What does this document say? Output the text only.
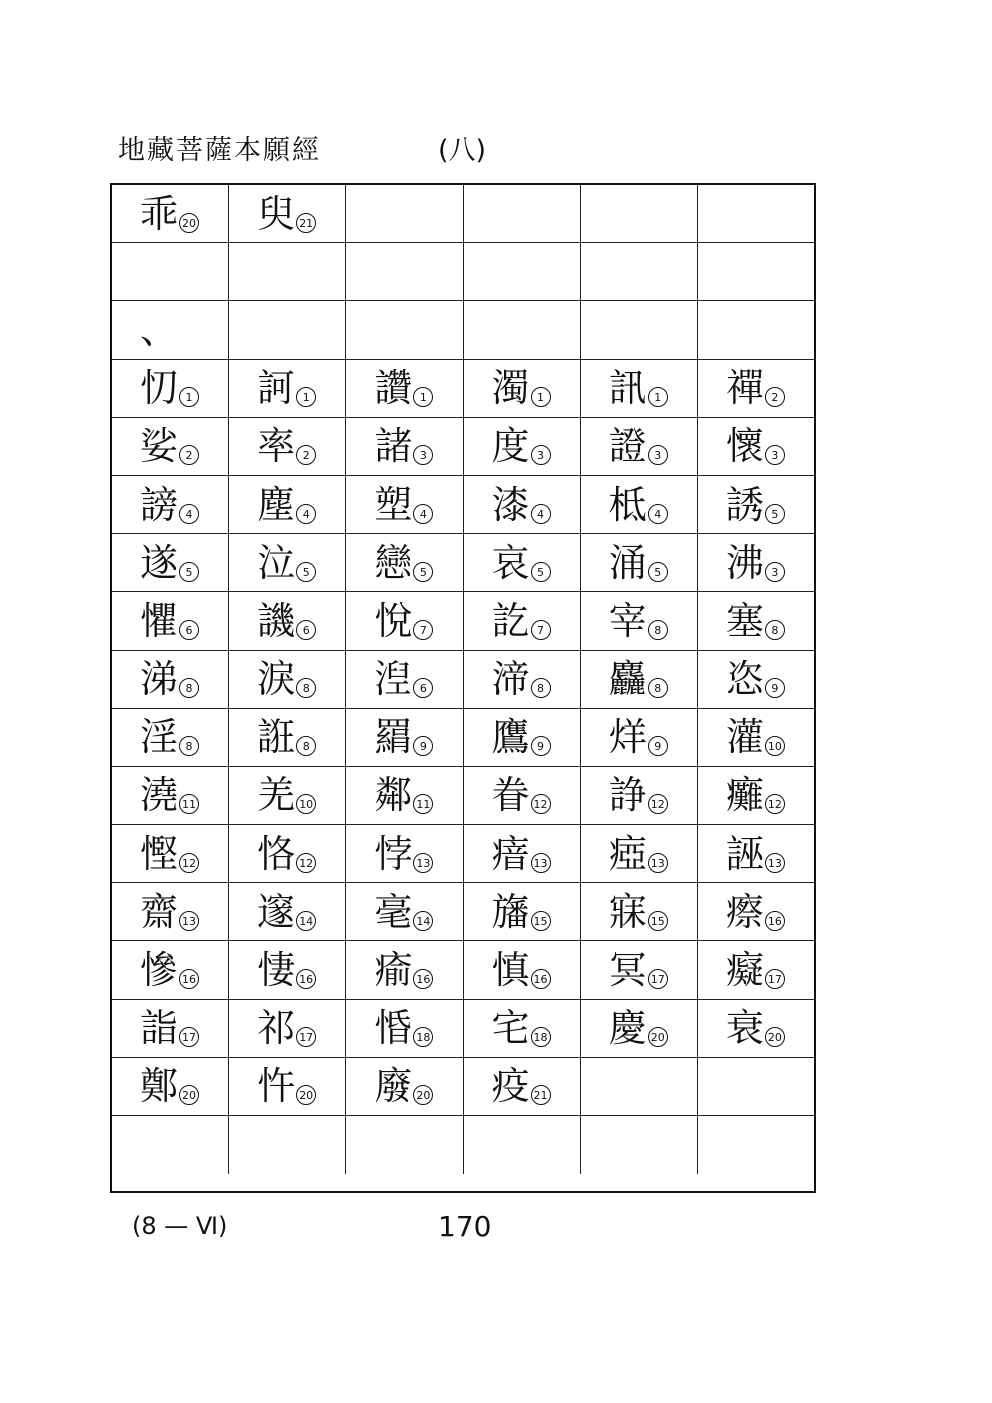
地藏菩薩本願經	(八)
乖 20 臾 21
、
忉 1 訶 1 讚 1 濁 1 訊 1 禪 2
娑 2 率 2 諸 3 度 3 證 3 懷 3
謗 4 塵 4 塑 4 漆 4 柢 4 誘 5
遂 5 泣 5 戀 5 哀 5 涌 5 沸 3
懼 6 譏 6 悅 7 訖 7 宰 8 塞 8
涕 8 淚 8 湼 6 渧 8 麤 8 恣 9
淫 8 誑 8 羂 9 鷹 9 烊 9 灌 10
澆 11 羌 10 鄰 11 眷 12 諍 12 癱 12
慳 12 恪 12 悖 13 瘖 13 瘂 13 誣 13
齋 13 邃 14 毫 14 旛 15 寐 15 瘵 16
慘 16 悽 16 瘉 16 慎 16 冥 17 癡 17
詣 17 祁 17 惛 18 宅 18 慶 20 衰 20
鄭 20 忤 20 廢 20 疫 21
(8 — Ⅵ)	170
